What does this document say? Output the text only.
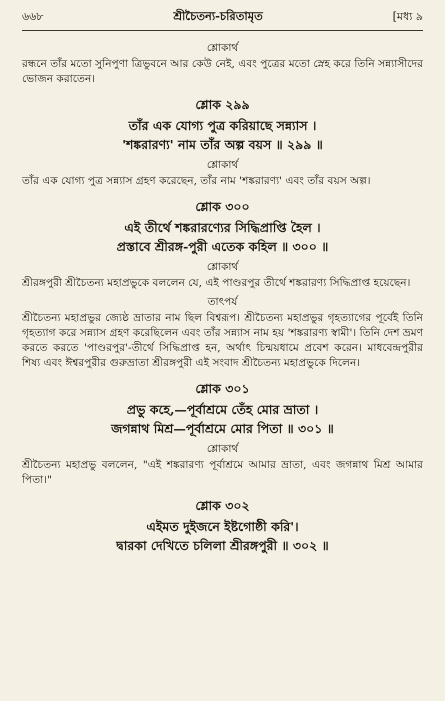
৬৬৮	শ্রীচৈতন্য-চরিতামৃত	[মধ্য ৯
শ্লোকার্থ
রন্ধনে তাঁর মতো সুনিপুণা ত্রিভুবনে আর কেউ নেই, এবং পুত্রের মতো স্নেহ করে তিনি সন্ন্যাসীদের ভোজন করাতেন।
শ্লোক ২৯৯
তাঁর এক যোগ্য পুত্র করিয়াছে সন্ন্যাস ।
'শঙ্করারণ্য' নাম তাঁর অল্প বয়স ॥ ২৯৯ ॥
শ্লোকার্থ
তাঁর এক যোগ্য পুত্র সন্ন্যাস গ্রহণ করেছেন, তাঁর নাম 'শঙ্করারণ্য' এবং তাঁর বয়স অল্প।
শ্লোক ৩০০
এই তীর্থে শঙ্করারণ্যের সিদ্ধিপ্রাপ্তি হৈল ।
প্রস্তাবে শ্রীরঙ্গ-পুরী এতেক কহিল ॥ ৩০০ ॥
শ্লোকার্থ
শ্রীরঙ্গপুরী শ্রীচৈতন্য মহাপ্রভুকে বললেন যে, এই পাণ্ডরপুর তীর্থে শঙ্করারণ্য সিদ্ধিপ্রাপ্ত হয়েছেন।
তাৎপর্য
শ্রীচৈতন্য মহাপ্রভুর জ্যেষ্ঠ ভ্রাতার নাম ছিল বিশ্বরূপ। শ্রীচৈতন্য মহাপ্রভুর গৃহত্যাগের পূর্বেই তিনি গৃহত্যাগ করে সন্ন্যাস গ্রহণ করেছিলেন এবং তাঁর সন্ন্যাস নাম হয় 'শঙ্করারণ্য স্বামী'। তিনি দেশ ভ্রমণ করতে করতে 'পাণ্ডরপুর'-তীর্থে সিদ্ধিপ্রাপ্ত হন, অর্থাৎ চিন্ময়ধামে প্রবেশ করেন। মাধবেন্দ্রপুরীর শিষ্য এবং ঈশ্বরপুরীর গুরুভ্রাতা শ্রীরঙ্গপুরী এই সংবাদ শ্রীচৈতন্য মহাপ্রভুকে দিলেন।
শ্লোক ৩০১
প্রভু কহে,—পূর্বাশ্রমে তেঁহ মোর ভ্রাতা ।
জগন্নাথ মিশ্র—পূর্বাশ্রমে মোর পিতা ॥ ৩০১ ॥
শ্লোকার্থ
শ্রীচৈতন্য মহাপ্রভু বললেন, "এই শঙ্করারণ্য পূর্বাশ্রমে আমার ভ্রাতা, এবং জগন্নাথ মিশ্র আমার পিতা।"
শ্লোক ৩০২
এইমত দুইজনে ইষ্টগোষ্ঠী করি'।
দ্বারকা দেখিতে চলিলা শ্রীরঙ্গপুরী ॥ ৩০২ ॥
